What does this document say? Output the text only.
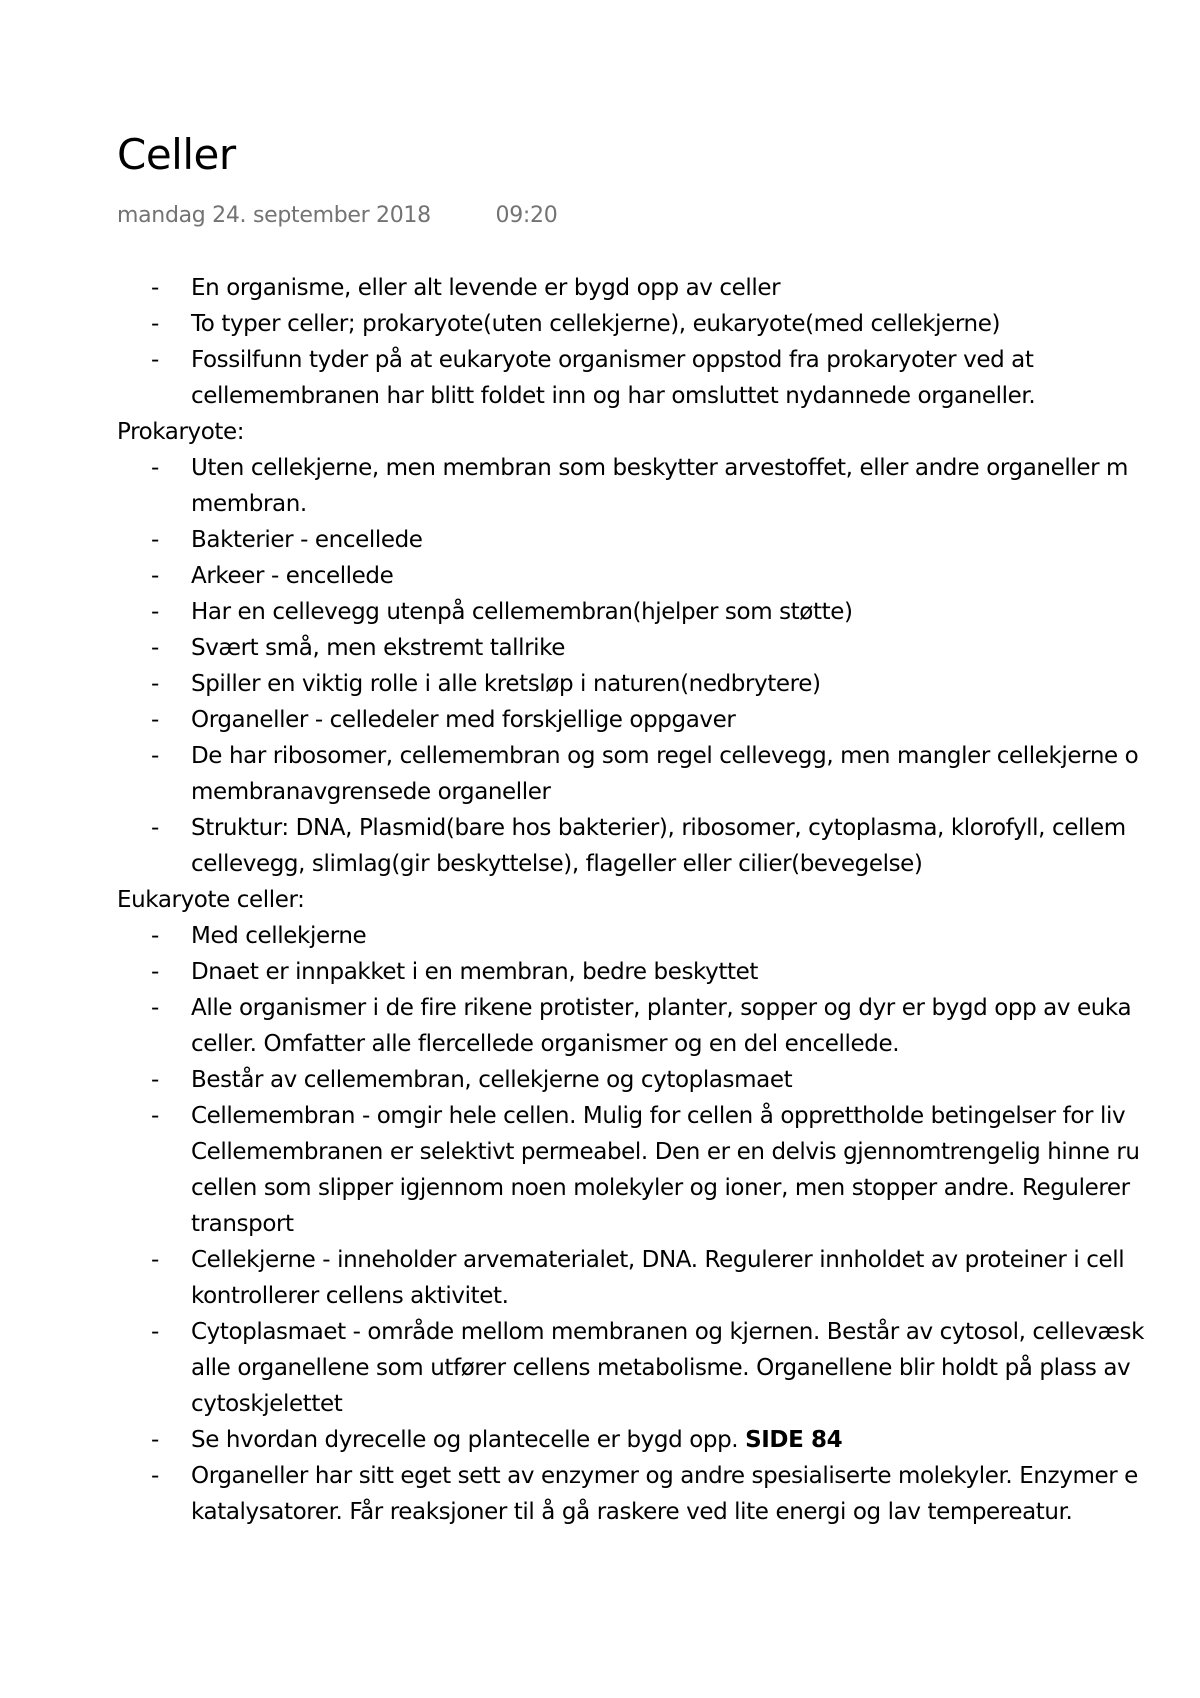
Celler
mandag 24. september 2018	09:20
- En organisme, eller alt levende er bygd opp av celler
- To typer celler; prokaryote(uten cellekjerne), eukaryote(med cellekjerne)
- Fossilfunn tyder på at eukaryote organismer oppstod fra prokaryoter ved at
cellemembranen har blitt foldet inn og har omsluttet nydannede organeller.
Prokaryote:
- Uten cellekjerne, men membran som beskytter arvestoffet, eller andre organeller m
membran.
- Bakterier - encellede
- Arkeer - encellede
- Har en cellevegg utenpå cellemembran(hjelper som støtte)
- Svært små, men ekstremt tallrike
- Spiller en viktig rolle i alle kretsløp i naturen(nedbrytere)
- Organeller - celledeler med forskjellige oppgaver
- De har ribosomer, cellemembran og som regel cellevegg, men mangler cellekjerne o
membranavgrensede organeller
- Struktur: DNA, Plasmid(bare hos bakterier), ribosomer, cytoplasma, klorofyll, cellem
cellevegg, slimlag(gir beskyttelse), flageller eller cilier(bevegelse)
Eukaryote celler:
- Med cellekjerne
- Dnaet er innpakket i en membran, bedre beskyttet
- Alle organismer i de fire rikene protister, planter, sopper og dyr er bygd opp av euka
celler. Omfatter alle flercellede organismer og en del encellede.
- Består av cellemembran, cellekjerne og cytoplasmaet
- Cellemembran - omgir hele cellen. Mulig for cellen å opprettholde betingelser for liv
Cellemembranen er selektivt permeabel. Den er en delvis gjennomtrengelig hinne ru
cellen som slipper igjennom noen molekyler og ioner, men stopper andre. Regulerer
transport
- Cellekjerne - inneholder arvematerialet, DNA. Regulerer innholdet av proteiner i cell
kontrollerer cellens aktivitet.
- Cytoplasmaet - område mellom membranen og kjernen. Består av cytosol, cellevæsk
alle organellene som utfører cellens metabolisme. Organellene blir holdt på plass av
cytoskjelettet
- Se hvordan dyrecelle og plantecelle er bygd opp. SIDE 84
- Organeller har sitt eget sett av enzymer og andre spesialiserte molekyler. Enzymer e
katalysatorer. Får reaksjoner til å gå raskere ved lite energi og lav tempereatur.
